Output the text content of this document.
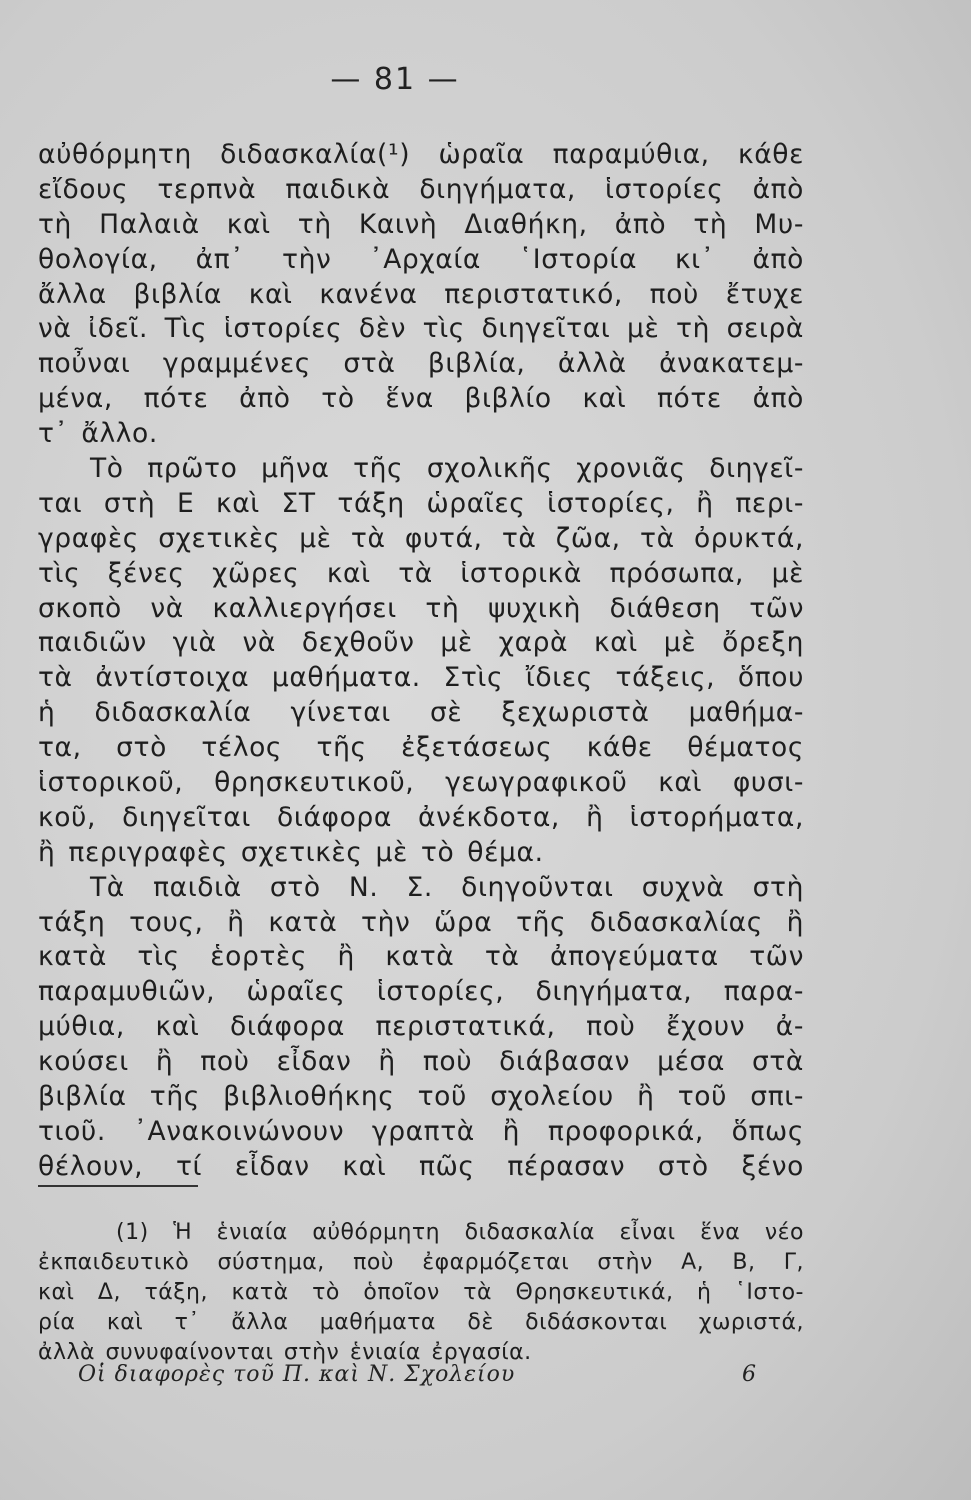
— 81 —
αὐθόρμητη διδασκαλία(¹) ὡραῖα παραμύθια, κάθε
εἴδους τερπνὰ παιδικὰ διηγήματα, ἱστορίες ἀπὸ
τὴ Παλαιὰ καὶ τὴ Καινὴ Διαθήκη, ἀπὸ τὴ Μυ-
θολογία, ἀπ᾿ τὴν ᾿Αρχαία ῾Ιστορία κι᾿ ἀπὸ
ἄλλα βιβλία καὶ κανένα περιστατικό, ποὺ ἔτυχε
νὰ ἰδεῖ. Τὶς ἱστορίες δὲν τὶς διηγεῖται μὲ τὴ σειρὰ
ποὖναι γραμμένες στὰ βιβλία, ἀλλὰ ἀνακατεμ-
μένα, πότε ἀπὸ τὸ ἕνα βιβλίο καὶ πότε ἀπὸ
τ᾿ ἄλλο.
Τὸ πρῶτο μῆνα τῆς σχολικῆς χρονιᾶς διηγεῖ-
ται στὴ Ε καὶ ΣΤ τάξη ὡραῖες ἱστορίες, ἢ περι-
γραφὲς σχετικὲς μὲ τὰ φυτά, τὰ ζῶα, τὰ ὀρυκτά,
τὶς ξένες χῶρες καὶ τὰ ἱστορικὰ πρόσωπα, μὲ
σκοπὸ νὰ καλλιεργήσει τὴ ψυχικὴ διάθεση τῶν
παιδιῶν γιὰ νὰ δεχθοῦν μὲ χαρὰ καὶ μὲ ὄρεξη
τὰ ἀντίστοιχα μαθήματα. Στὶς ἴδιες τάξεις, ὅπου
ἡ διδασκαλία γίνεται σὲ ξεχωριστὰ μαθήμα-
τα, στὸ τέλος τῆς ἐξετάσεως κάθε θέματος
ἱστορικοῦ, θρησκευτικοῦ, γεωγραφικοῦ καὶ φυσι-
κοῦ, διηγεῖται διάφορα ἀνέκδοτα, ἢ ἱστορήματα,
ἢ περιγραφὲς σχετικὲς μὲ τὸ θέμα.
Τὰ παιδιὰ στὸ Ν. Σ. διηγοῦνται συχνὰ στὴ
τάξη τους, ἢ κατὰ τὴν ὥρα τῆς διδασκαλίας ἢ
κατὰ τὶς ἑορτὲς ἢ κατὰ τὰ ἀπογεύματα τῶν
παραμυθιῶν, ὡραῖες ἱστορίες, διηγήματα, παρα-
μύθια, καὶ διάφορα περιστατικά, ποὺ ἔχουν ἀ-
κούσει ἢ ποὺ εἶδαν ἢ ποὺ διάβασαν μέσα στὰ
βιβλία τῆς βιβλιοθήκης τοῦ σχολείου ἢ τοῦ σπι-
τιοῦ. ᾿Ανακοινώνουν γραπτὰ ἢ προφορικά, ὅπως
θέλουν, τί εἶδαν καὶ πῶς πέρασαν στὸ ξένο
(1) Ἡ ἑνιαία αὐθόρμητη διδασκαλία εἶναι ἕνα νέο
ἐκπαιδευτικὸ σύστημα, ποὺ ἐφαρμόζεται στὴν Α, Β, Γ,
καὶ Δ, τάξη, κατὰ τὸ ὁποῖον τὰ Θρησκευτικά, ἡ ῾Ιστο-
ρία καὶ τ᾿ ἄλλα μαθήματα δὲ διδάσκονται χωριστά,
ἀλλὰ συνυφαίνονται στὴν ἑνιαία ἐργασία.
Οἱ διαφορὲς τοῦ Π. καὶ Ν. Σχολείου	6
